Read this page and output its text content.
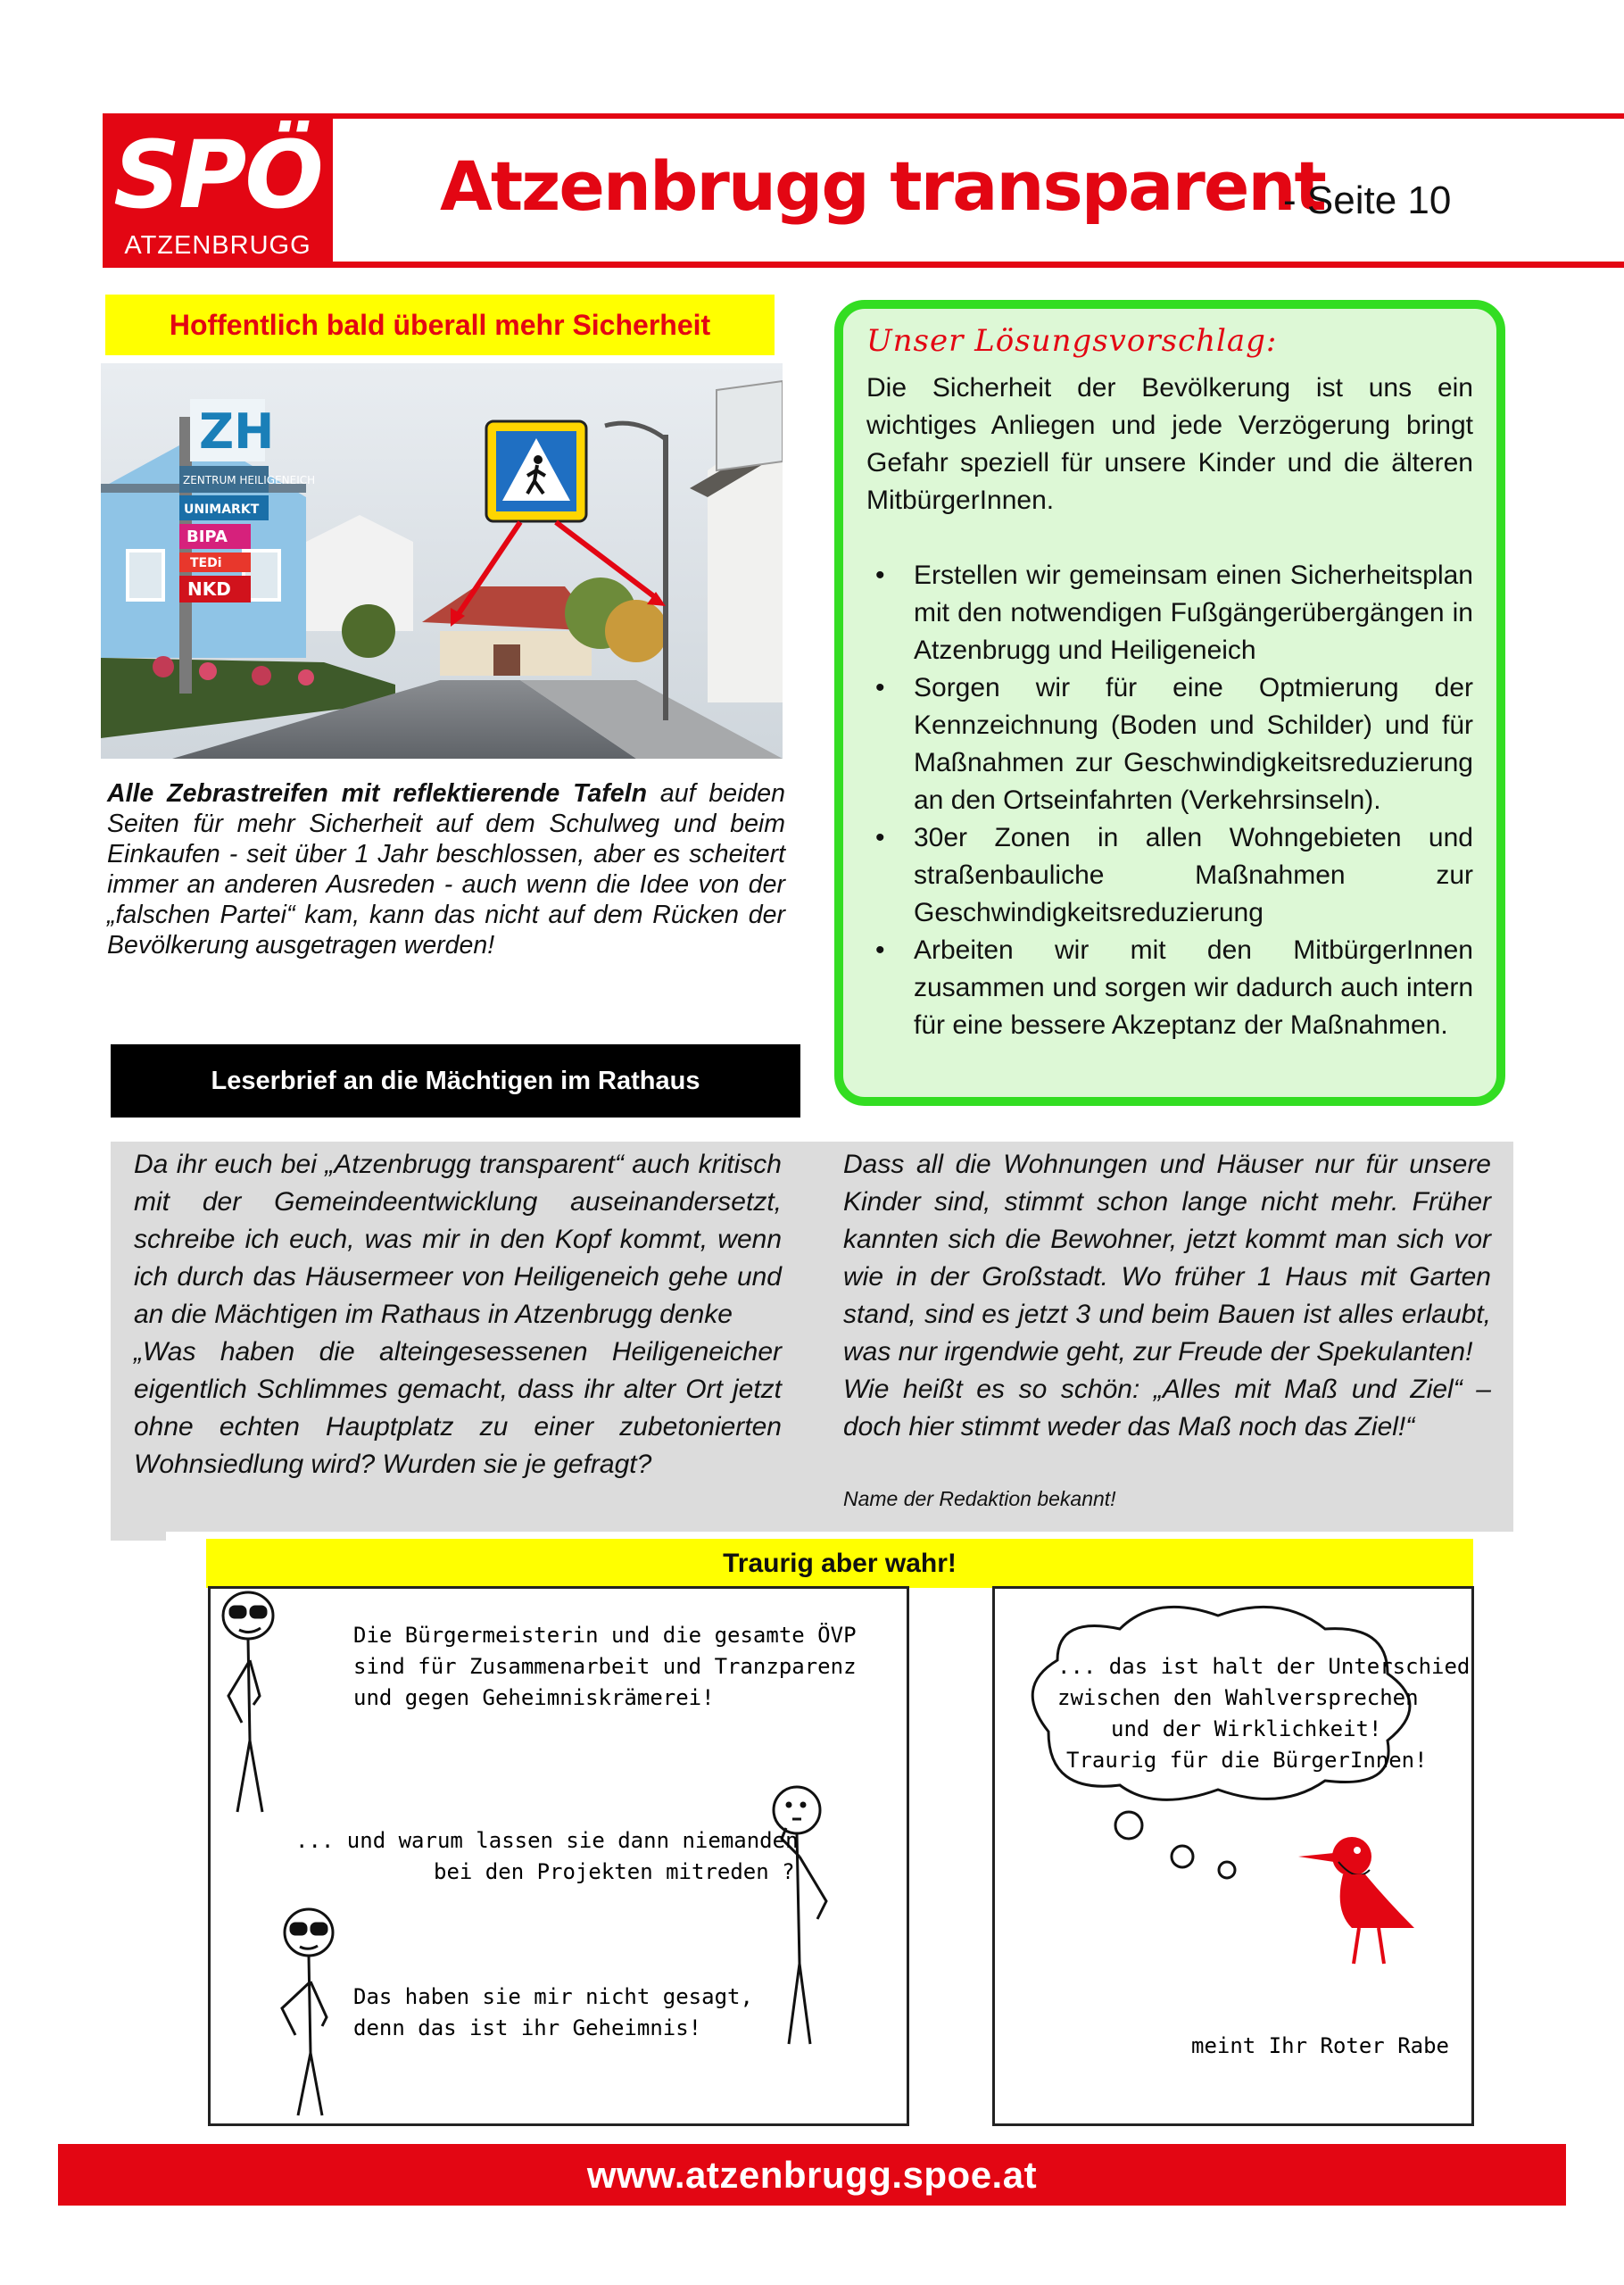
SPÖ
ATZENBRUGG
Atzenbrugg transparent
- Seite 10
Hoffentlich bald überall mehr Sicherheit
ZH
ZENTRUM HEILIGENEICH
UNIMARKT
BIPA
TEDi
NKD
Alle Zebrastreifen mit reflektierende Tafeln auf beiden Seiten für mehr Sicherheit auf dem Schulweg und beim Einkaufen - seit über 1 Jahr beschlossen, aber es scheitert immer an anderen Ausreden - auch wenn die Idee von der „falschen Partei“ kam, kann das nicht auf dem Rücken der Bevölkerung ausgetragen werden!
Leserbrief an die Mächtigen im Rathaus
Unser Lösungsvorschlag:
Die Sicherheit der Bevölkerung ist uns ein wichtiges Anliegen und jede Verzögerung bringt Gefahr speziell für unsere Kinder und die älteren MitbürgerInnen.
• Erstellen wir gemeinsam einen Sicherheitsplan mit den notwendigen Fußgängerübergängen in Atzenbrugg und Heiligeneich
• Sorgen wir für eine Optmierung der Kennzeichnung (Boden und Schilder) und für Maßnahmen zur Geschwindigkeitsreduzierung an den Ortseinfahrten (Verkehrsinseln).
• 30er Zonen in allen Wohngebieten und straßenbauliche Maßnahmen zur Geschwindigkeitsreduzierung
• Arbeiten wir mit den MitbürgerInnen zusammen und sorgen wir dadurch auch intern für eine bessere Akzeptanz der Maßnahmen.
Da ihr euch bei „Atzenbrugg transparent“ auch kritisch mit der Gemeindeentwicklung auseinandersetzt, schreibe ich euch, was mir in den Kopf kommt, wenn ich durch das Häusermeer von Heiligeneich gehe und an die Mächtigen im Rathaus in Atzenbrugg denke
„Was haben die alteingesessenen Heiligeneicher eigentlich Schlimmes gemacht, dass ihr alter Ort jetzt ohne echten Hauptplatz zu einer zubetonierten Wohnsiedlung wird? Wurden sie je gefragt?
Dass all die Wohnungen und Häuser nur für unsere Kinder sind, stimmt schon lange nicht mehr. Früher kannten sich die Bewohner, jetzt kommt man sich vor wie in der Großstadt. Wo früher 1 Haus mit Garten stand, sind es jetzt 3 und beim Bauen ist alles erlaubt, was nur irgendwie geht, zur Freude der Spekulanten!
Wie heißt es so schön: „Alles mit Maß und Ziel“ – doch hier stimmt weder das Maß noch das Ziel!“
Name der Redaktion bekannt!
Traurig aber wahr!
Die Bürgermeisterin und die gesamte ÖVP
sind für Zusammenarbeit und Tranzparenz
und gegen Geheimniskrämerei!
... und warum lassen sie dann niemanden
bei den Projekten mitreden ?
Das haben sie mir nicht gesagt,
denn das ist ihr Geheimnis!
... das ist halt der Unterschied
zwischen den Wahlversprechen
und der Wirklichkeit!
Traurig für die BürgerInnen!
meint Ihr Roter Rabe
www.atzenbrugg.spoe.at
